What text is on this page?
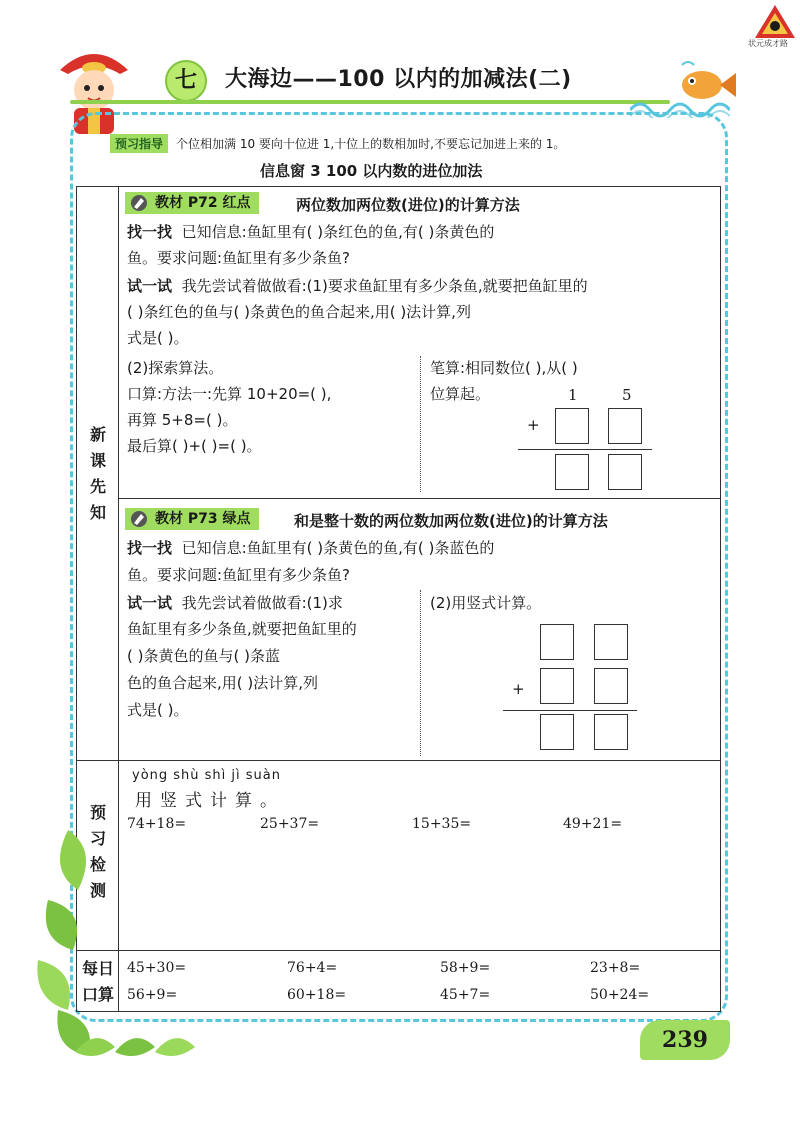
状元成才路
七	大海边——100 以内的加减法(二)
预习指导	个位相加满 10 要向十位进 1,十位上的数相加时,不要忘记加进上来的 1。
信息窗 3 100 以内数的进位加法
新
课
先
知
预
习
检
测
每日
口算
教材 P72 红点	两位数加两位数(进位)的计算方法
找一找 已知信息:鱼缸里有( )条红色的鱼,有( )条黄色的
鱼。要求问题:鱼缸里有多少条鱼?
试一试 我先尝试着做做看:(1)要求鱼缸里有多少条鱼,就要把鱼缸里的
( )条红色的鱼与( )条黄色的鱼合起来,用( )法计算,列
式是( )。
(2)探索算法。
口算:方法一:先算 10+20=( ),
再算 5+8=( )。
最后算( )+( )=( )。
笔算:相同数位( ),从( )
位算起。	1	5
+
教材 P73 绿点	和是整十数的两位数加两位数(进位)的计算方法
找一找 已知信息:鱼缸里有( )条黄色的鱼,有( )条蓝色的
鱼。要求问题:鱼缸里有多少条鱼?
试一试 我先尝试着做做看:(1)求
鱼缸里有多少条鱼,就要把鱼缸里的
( )条黄色的鱼与( )条蓝
色的鱼合起来,用( )法计算,列
式是( )。
(2)用竖式计算。
+
yòng shù shì jì suàn
用竖式计算。
74+18=	25+37=	15+35=	49+21=
45+30=	76+4=	58+9=	23+8=
56+9=	60+18=	45+7=	50+24=
239
